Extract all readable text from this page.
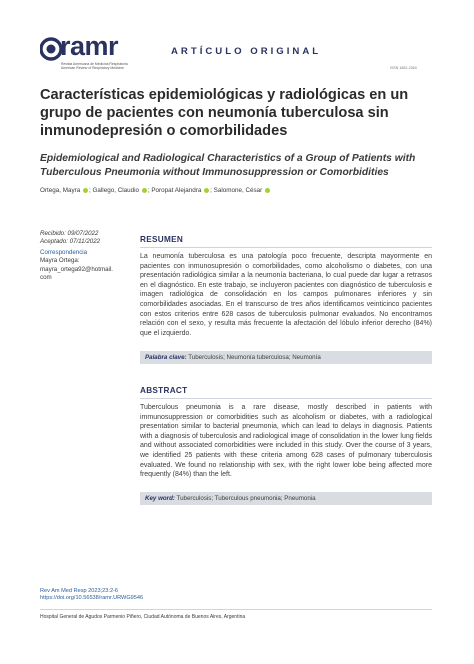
ramr
Revista Americana de Medicina Respiratoria
American Review of Respiratory Medicine
ARTÍCULO ORIGINAL
ISSN 1852-236X
Características epidemiológicas y radiológicas en un grupo de pacientes con neumonía tuberculosa sin inmunodepresión o comorbilidades
Epidemiological and Radiological Characteristics of a Group of Patients with Tuberculous Pneumonia without Immunosuppression or Comorbidities
Ortega, Mayra ; Gallego, Claudio ; Poropat Alejandra ; Salomone, César
Recibido: 09/07/2022
Aceptado: 07/11/2022
Correspondencia
Mayra Ortega:
mayra_ortega92@hotmail.
com
RESUMEN

La neumonía tuberculosa es una patología poco frecuente, descripta mayormente en pacientes con inmunosupresión o comorbilidades, como alcoholismo o diabetes, con una presentación radiológica similar a la neumonía bacteriana, lo cual puede dar lugar a retrasos en el diagnóstico. En este trabajo, se incluyeron pacientes con diagnóstico de tuberculosis e imagen radiológica de consolidación en los campos pulmonares inferiores y sin comorbilidades asociadas. En el transcurso de tres años identificamos veinticinco pacientes con estos criterios entre 628 casos de tuberculosis pulmonar evaluados. No encontramos relación con el sexo, y resulta más frecuente la afectación del lóbulo inferior derecho (84%) que el izquierdo.

Palabra clave: Tuberculosis; Neumonía tuberculosa; Neumonía
ABSTRACT

Tuberculous pneumonia is a rare disease, mostly described in patients with immunosuppression or comorbidities such as alcoholism or diabetes, with a radiological presentation similar to bacterial pneumonia, which can lead to delays in diagnosis. Patients with a diagnosis of tuberculosis and radiological image of consolidation in the lower lung fields and without associated comorbidities were included in this study. Over the course of 3 years, we identified 25 patients with these criteria among 628 cases of pulmonary tuberculosis evaluated. We found no relationship with sex, with the right lower lobe being affected more frequently (84%) than the left.

Key word: Tuberculosis; Tuberculous pneumonia; Pneumonia
Rev Am Med Resp 2023;23:2-6
https://doi.org/10.56538/ramr.URWG9546
Hospital General de Agudos Parmenio Piñero, Ciudad Autónoma de Buenos Aires, Argentina
